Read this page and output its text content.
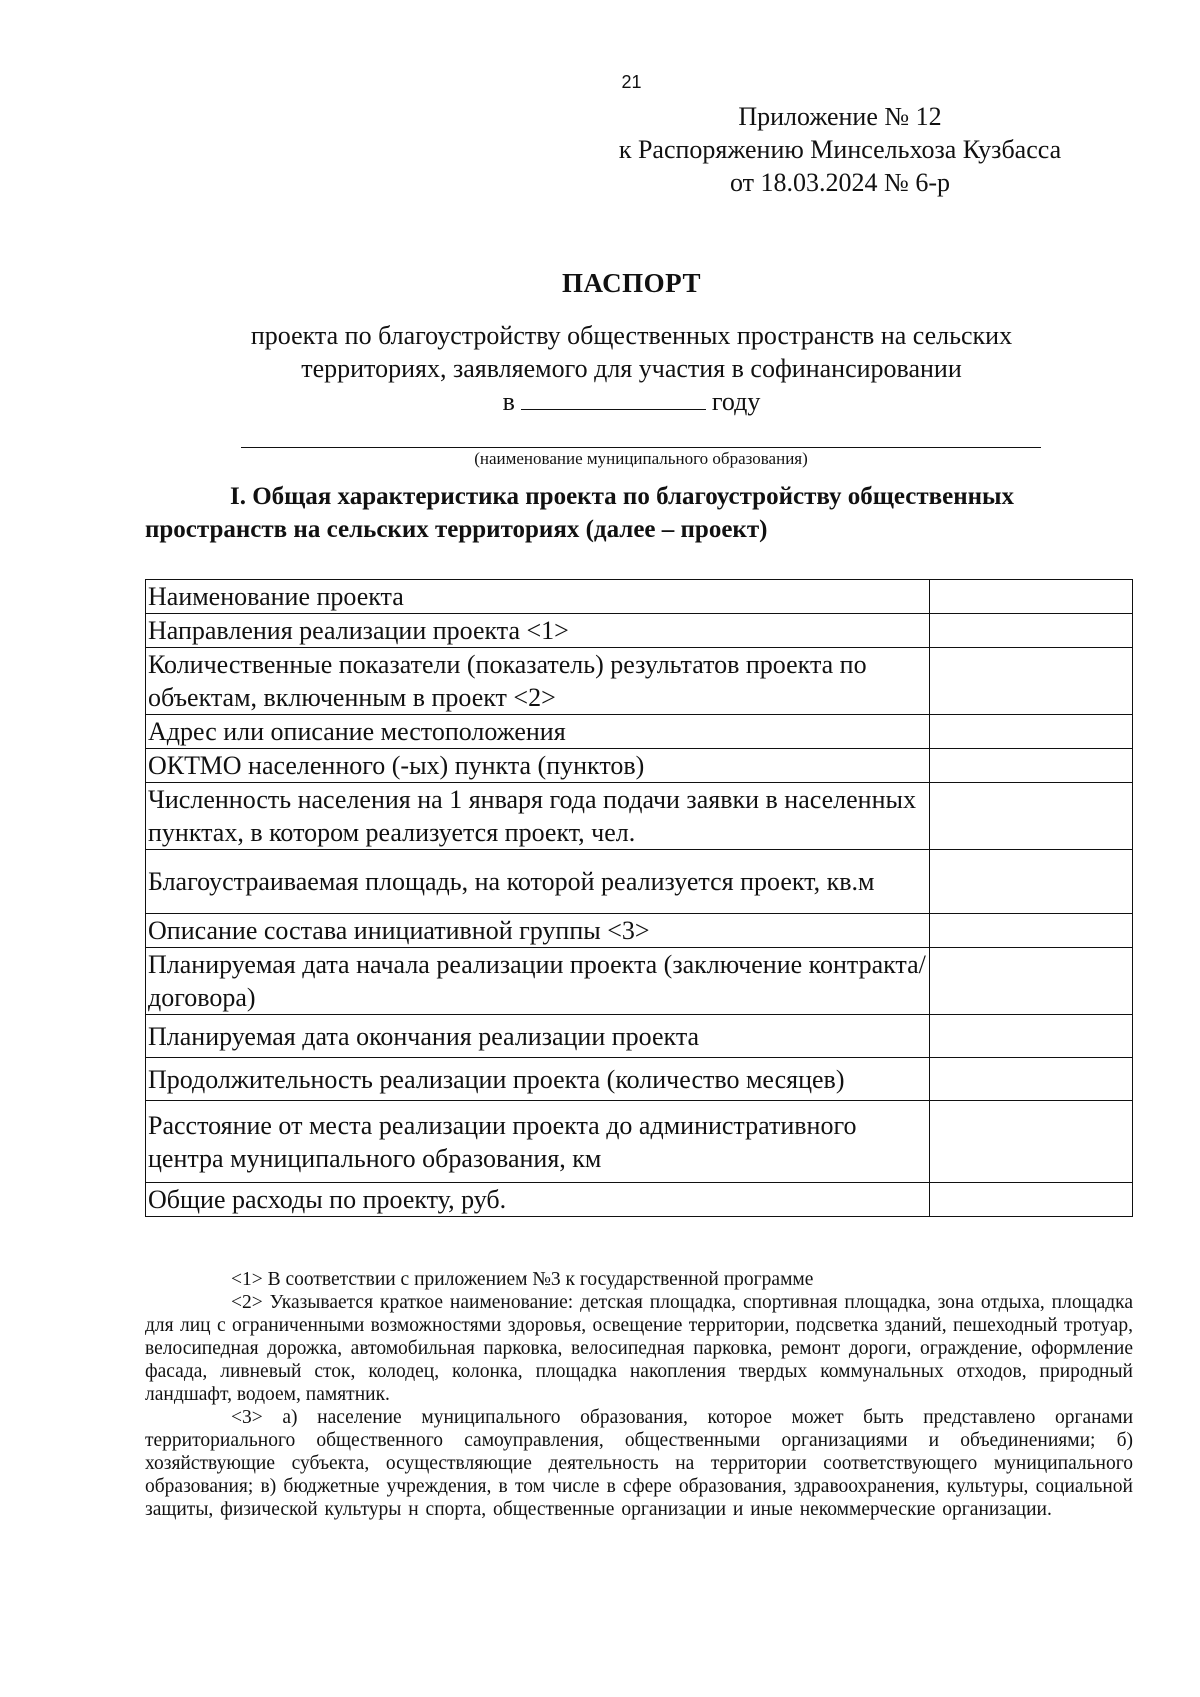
21
Приложение № 12
к Распоряжению Минсельхоза Кузбасса
от 18.03.2024 № 6-р
ПАСПОРТ
проекта по благоустройству общественных пространств на сельских
территориях, заявляемого для участия в софинансировании
в	году
(наименование муниципального образования)
I. Общая характеристика проекта по благоустройству общественных
пространств на сельских территориях (далее – проект)
Наименование проекта	
Направления реализации проекта <1>	
Количественные показатели (показатель) результатов проекта по объектам, включенным в проект <2>	
Адрес или описание местоположения	
ОКТМО населенного (-ых) пункта (пунктов)	
Численность населения на 1 января года подачи заявки в населенных пунктах, в котором реализуется проект, чел.	
Благоустраиваемая площадь, на которой реализуется проект, кв.м	
Описание состава инициативной группы <3>	
Планируемая дата начала реализации проекта (заключение контракта/договора)	
Планируемая дата окончания реализации проекта	
Продолжительность реализации проекта (количество месяцев)	
Расстояние от места реализации проекта до административного центра муниципального образования, км	
Общие расходы по проекту, руб.	

<1> В соответствии с приложением №3 к государственной программе

<2> Указывается краткое наименование: детская площадка, спортивная площадка, зона отдыха, площадка для лиц с ограниченными возможностями здоровья, освещение территории, подсветка зданий, пешеходный тротуар, велосипедная дорожка, автомобильная парковка, велосипедная парковка, ремонт дороги, ограждение, оформление фасада, ливневый сток, колодец, колонка, площадка накопления твердых коммунальных отходов, природный ландшафт, водоем, памятник.

<3> а) население муниципального образования, которое может быть представлено органами территориального общественного самоуправления, общественными организациями и объединениями; б) хозяйствующие субъекта, осуществляющие деятельность на территории соответствующего муниципального образования; в) бюджетные учреждения, в том числе в сфере образования, здравоохранения, культуры, социальной защиты, физической культуры н спорта, общественные организации и иные некоммерческие организации.
